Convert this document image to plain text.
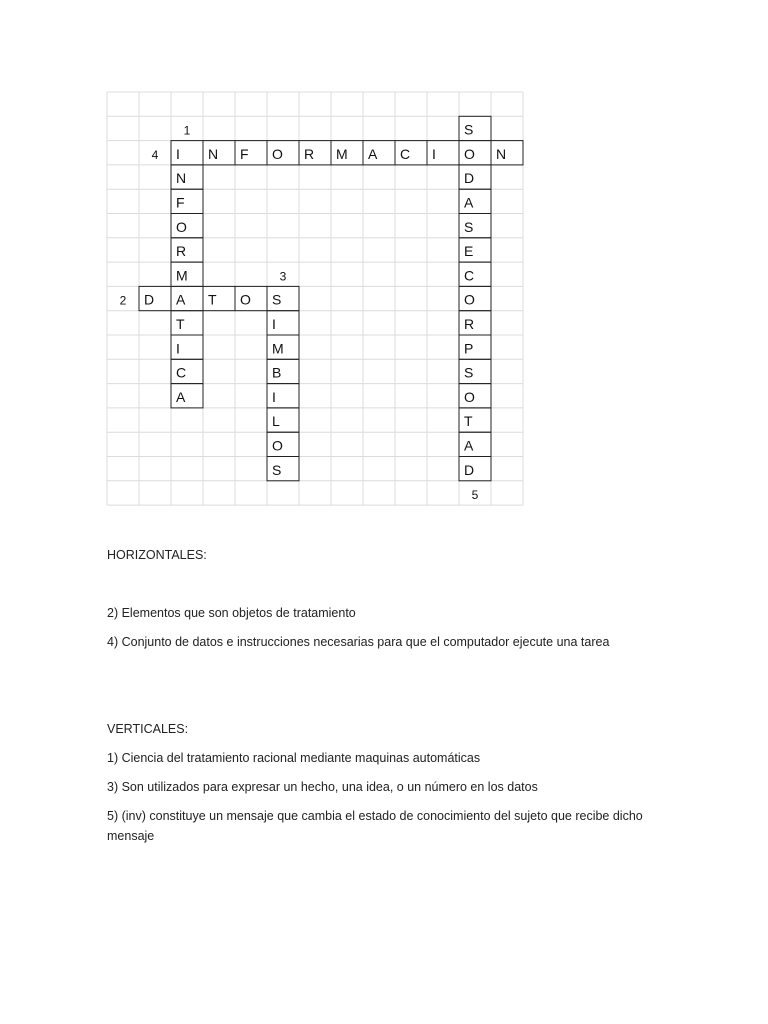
S
I N F O R M A C I O N
N	D
F	A
O	S
R	E
M	C
D A T O S	O
T	I	R
I	M	P
C	B	S
A	I	O
L	T
O	A
S	D
1
4
3
2
5

HORIZONTALES:

2) Elementos que son objetos de tratamiento

4) Conjunto de datos e instrucciones necesarias para que el computador ejecute una tarea

VERTICALES:

1) Ciencia del tratamiento racional mediante maquinas automáticas

3) Son utilizados para expresar un hecho, una idea, o un número en los datos

5) (inv) constituye un mensaje que cambia el estado de conocimiento del sujeto que recibe dicho mensaje
